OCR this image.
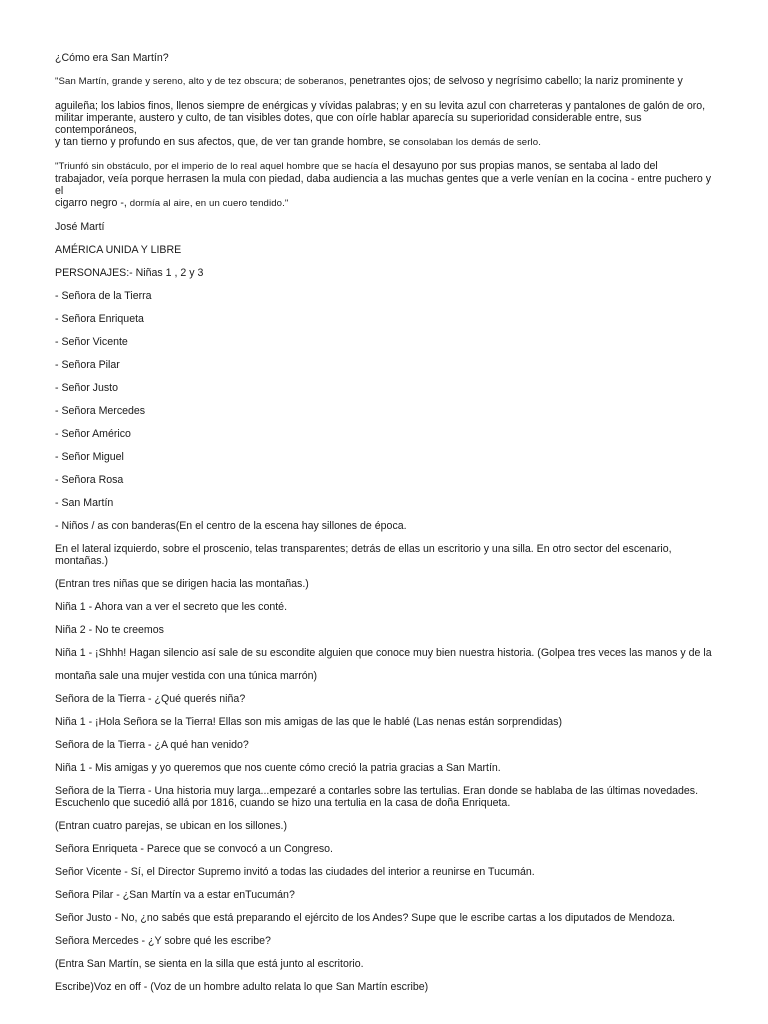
¿Cómo era San Martín?

"San Martín, grande y sereno, alto y de tez obscura; de soberanos, penetrantes ojos; de selvoso y negrísimo cabello; la nariz prominente y

aguileña; los labios finos, llenos siempre de enérgicas y vívidas palabras; y en su levita azul con charreteras y pantalones de galón de oro,

militar imperante, austero y culto, de tan visibles dotes, que con oírle hablar aparecía su superioridad considerable entre, sus contemporáneos,

y tan tierno y profundo en sus afectos, que, de ver tan grande hombre, se consolaban los demás de serlo.

"Triunfó sin obstáculo, por el imperio de lo real aquel hombre que se hacía el desayuno por sus propias manos, se sentaba al lado del

trabajador, veía porque herrasen la mula con piedad, daba audiencia a las muchas gentes que a verle venían en la cocina - entre puchero y el

cigarro negro -, dormía al aire, en un cuero tendido."

José Martí

AMÉRICA UNIDA Y LIBRE

PERSONAJES:- Niñas 1 , 2 y 3

- Señora de la Tierra

- Señora Enriqueta

- Señor Vicente

- Señora Pilar

- Señor Justo

- Señora Mercedes

- Señor Américo

- Señor Miguel

- Señora Rosa

- San Martín

- Niños / as con banderas(En el centro de la escena hay sillones de época.

En el lateral izquierdo, sobre el proscenio, telas transparentes; detrás de ellas un escritorio y una silla. En otro sector del escenario, montañas.)

(Entran tres niñas que se dirigen hacia las montañas.)

Niña 1 - Ahora van a ver el secreto que les conté.

Niña 2 - No te creemos

Niña 1 - ¡Shhh! Hagan silencio así sale de su escondite alguien que conoce muy bien nuestra historia. (Golpea tres veces las manos y de la

montaña sale una mujer vestida con una túnica marrón)

Señora de la Tierra - ¿Qué querés niña?

Niña 1 - ¡Hola Señora se la Tierra! Ellas son mis amigas de las que le hablé (Las nenas están sorprendidas)

Señora de la Tierra - ¿A qué han venido?

Niña 1 - Mis amigas y yo queremos que nos cuente cómo creció la patria gracias a San Martín.

Señora de la Tierra - Una historia muy larga...empezaré a contarles sobre las tertulias. Eran donde se hablaba de las últimas novedades.

Escuchenlo que sucedió allá por 1816, cuando se hizo una tertulia en la casa de doña Enriqueta.

(Entran cuatro parejas, se ubican en los sillones.)

Señora Enriqueta - Parece que se convocó a un Congreso.

Señor Vicente - Sí, el Director Supremo invitó a todas las ciudades del interior a reunirse en Tucumán.

Señora Pilar - ¿San Martín va a estar enTucumán?

Señor Justo - No, ¿no sabés que está preparando el ejército de los Andes? Supe que le escribe cartas a los diputados de Mendoza.

Señora Mercedes - ¿Y sobre qué les escribe?

(Entra San Martín, se sienta en la silla que está junto al escritorio.

Escribe)Voz en off - (Voz de un hombre adulto relata lo que San Martín escribe)
